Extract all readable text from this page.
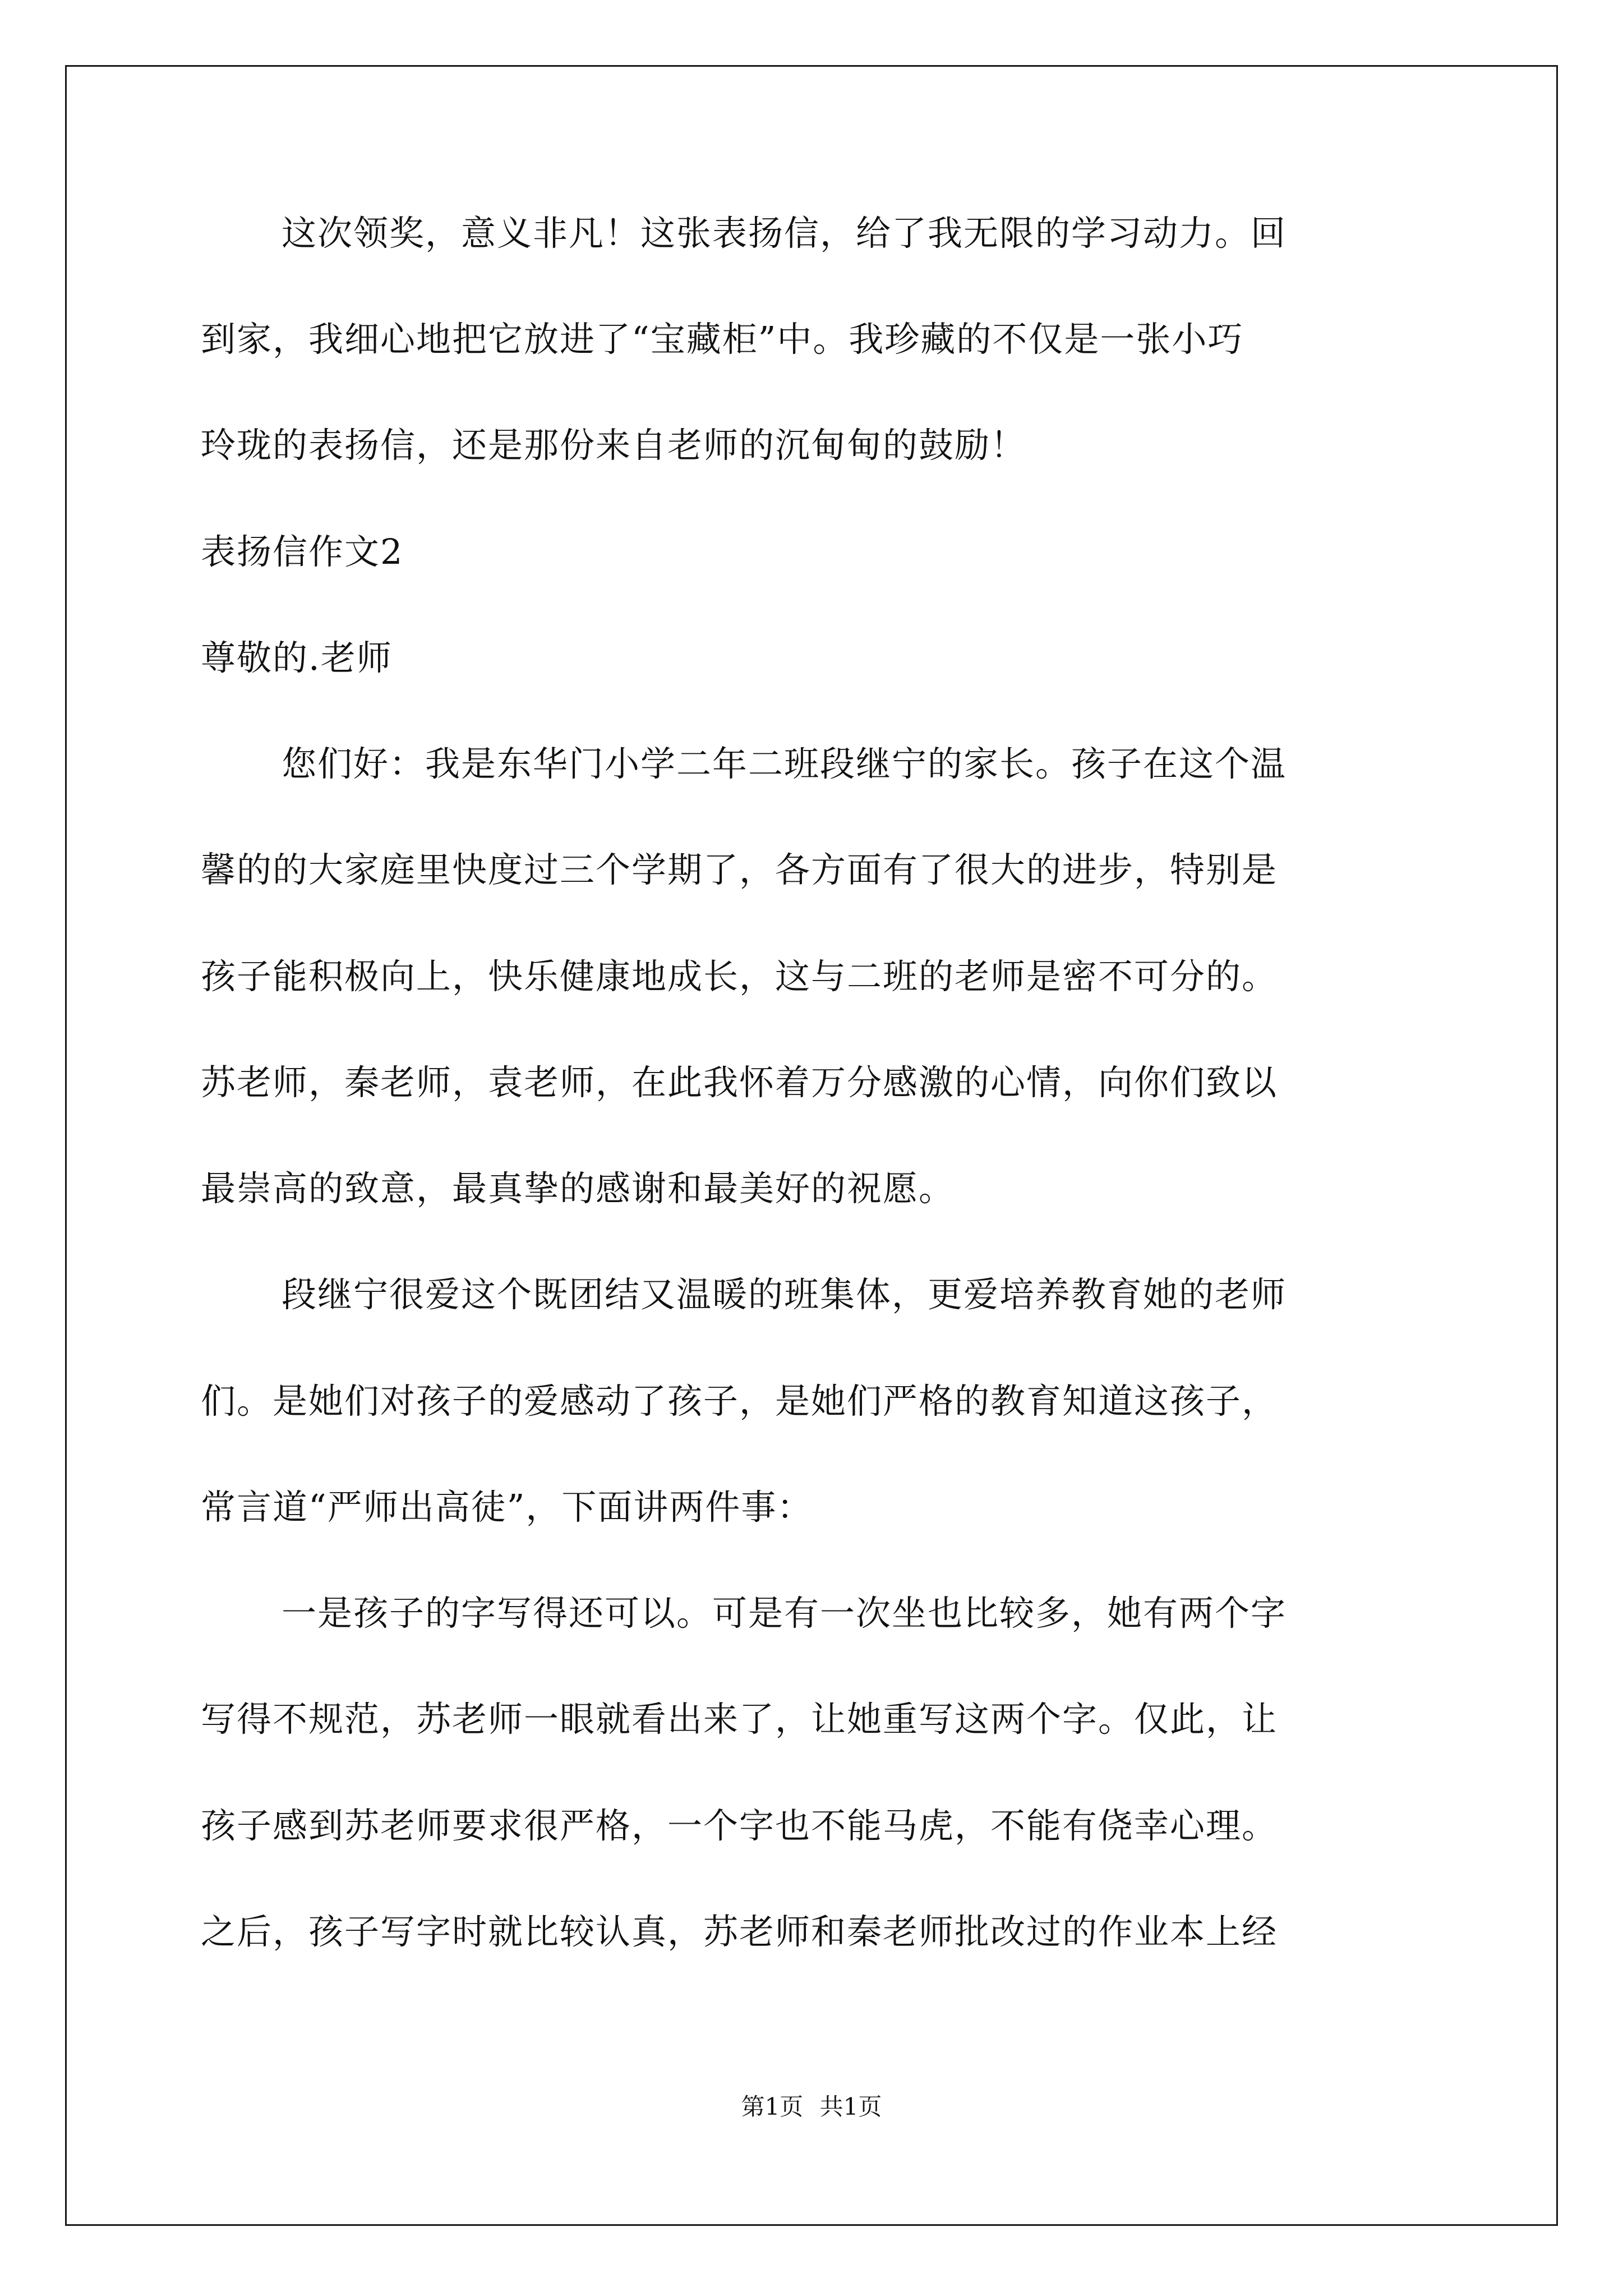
这次领奖，意义非凡！这张表扬信，给了我无限的学习动力。回
到家，我细心地把它放进了“宝藏柜”中。我珍藏的不仅是一张小巧
玲珑的表扬信，还是那份来自老师的沉甸甸的鼓励！
表扬信作文2
尊敬的.老师
您们好：我是东华门小学二年二班段继宁的家长。孩子在这个温
馨的的大家庭里快度过三个学期了，各方面有了很大的进步，特别是
孩子能积极向上，快乐健康地成长，这与二班的老师是密不可分的。
苏老师，秦老师，袁老师，在此我怀着万分感激的心情，向你们致以
最崇高的致意，最真挚的感谢和最美好的祝愿。
段继宁很爱这个既团结又温暖的班集体，更爱培养教育她的老师
们。是她们对孩子的爱感动了孩子，是她们严格的教育知道这孩子，
常言道“严师出高徒”，下面讲两件事：
一是孩子的字写得还可以。可是有一次坐也比较多，她有两个字
写得不规范，苏老师一眼就看出来了，让她重写这两个字。仅此，让
孩子感到苏老师要求很严格，一个字也不能马虎，不能有侥幸心理。
之后，孩子写字时就比较认真，苏老师和秦老师批改过的作业本上经
第1页 共1页
